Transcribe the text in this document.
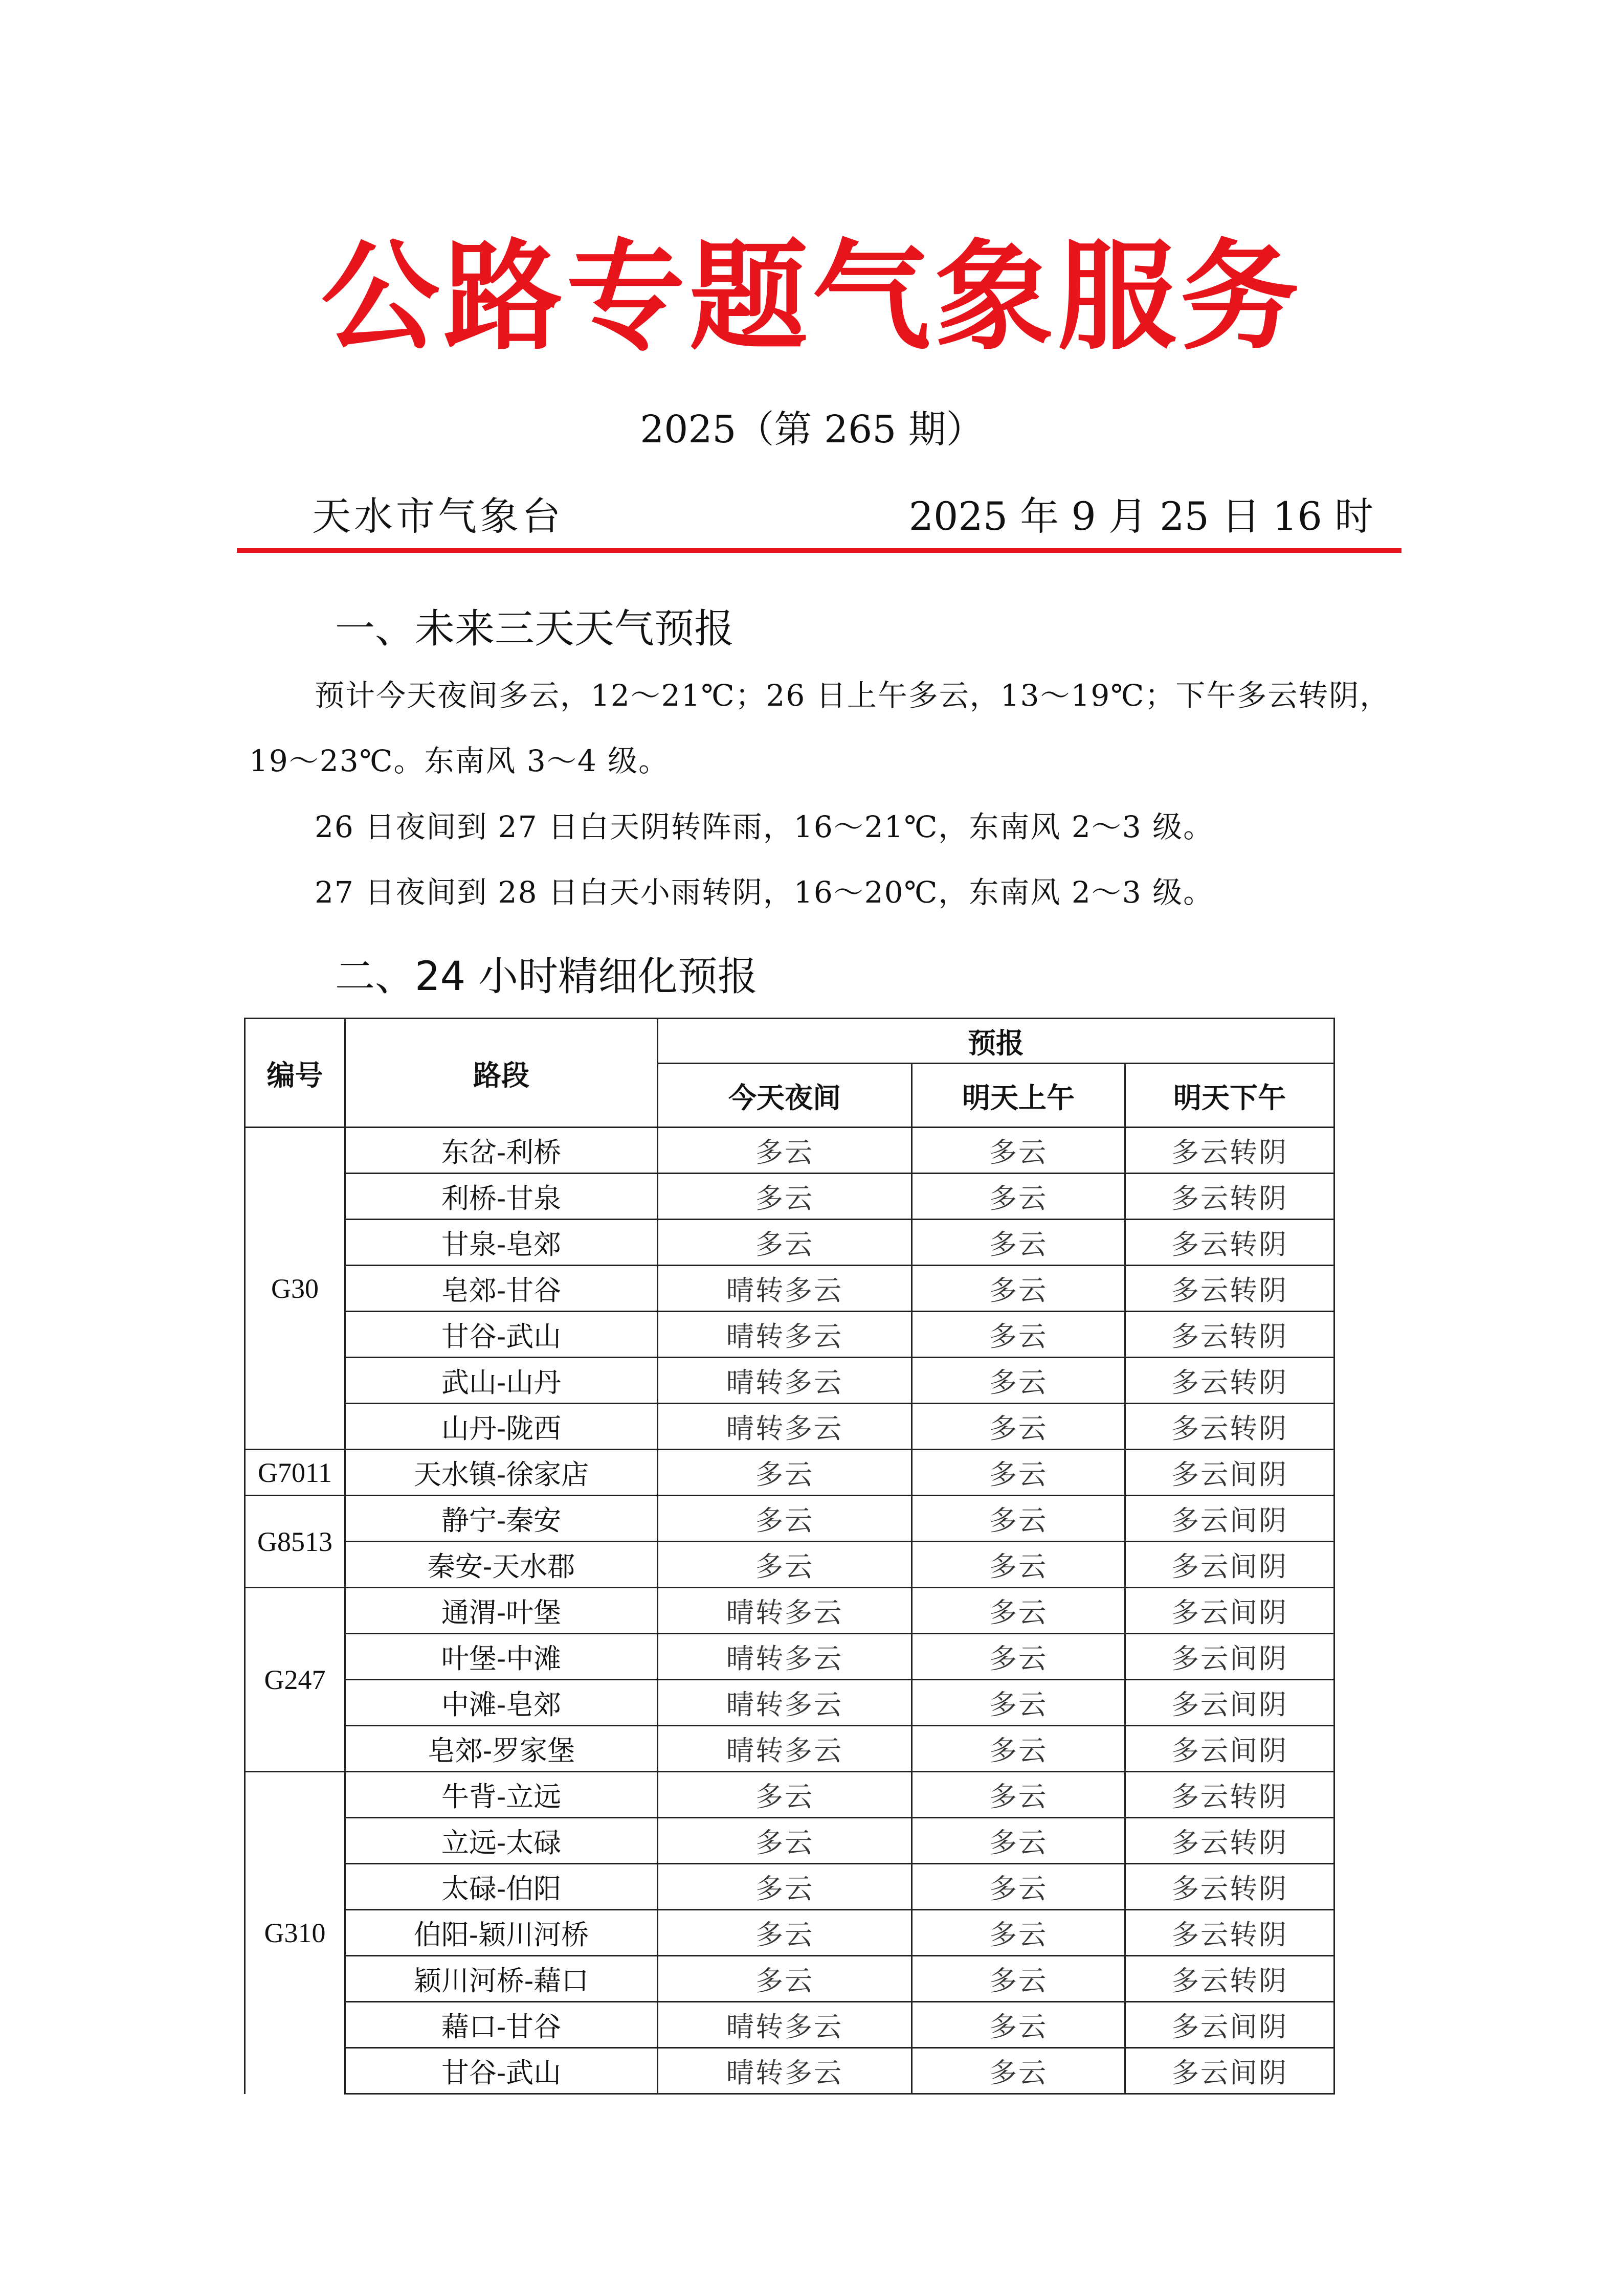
公路专题气象服务
2025（第 265 期）
天水市气象台	2025 年 9 月 25 日 16 时
一、未来三天天气预报
预计今天夜间多云，12～21℃；26 日上午多云，13～19℃；下午多云转阴，
19～23℃。东南风 3～4 级。
26 日夜间到 27 日白天阴转阵雨，16～21℃，东南风 2～3 级。
27 日夜间到 28 日白天小雨转阴，16～20℃，东南风 2～3 级。
二、24 小时精细化预报
编号	路段	预报		
		今天夜间	明天上午	明天下午
G30	东岔-利桥	多云	多云	多云转阴
	利桥-甘泉	多云	多云	多云转阴
	甘泉-皂郊	多云	多云	多云转阴
	皂郊-甘谷	晴转多云	多云	多云转阴
	甘谷-武山	晴转多云	多云	多云转阴
	武山-山丹	晴转多云	多云	多云转阴
	山丹-陇西	晴转多云	多云	多云转阴
G7011	天水镇-徐家店	多云	多云	多云间阴
G8513	静宁-秦安	多云	多云	多云间阴
	秦安-天水郡	多云	多云	多云间阴
G247	通渭-叶堡	晴转多云	多云	多云间阴
	叶堡-中滩	晴转多云	多云	多云间阴
	中滩-皂郊	晴转多云	多云	多云间阴
	皂郊-罗家堡	晴转多云	多云	多云间阴
G310	牛背-立远	多云	多云	多云转阴
	立远-太碌	多云	多云	多云转阴
	太碌-伯阳	多云	多云	多云转阴
	伯阳-颖川河桥	多云	多云	多云转阴
	颖川河桥-藉口	多云	多云	多云转阴
	藉口-甘谷	晴转多云	多云	多云间阴
	甘谷-武山	晴转多云	多云	多云间阴
